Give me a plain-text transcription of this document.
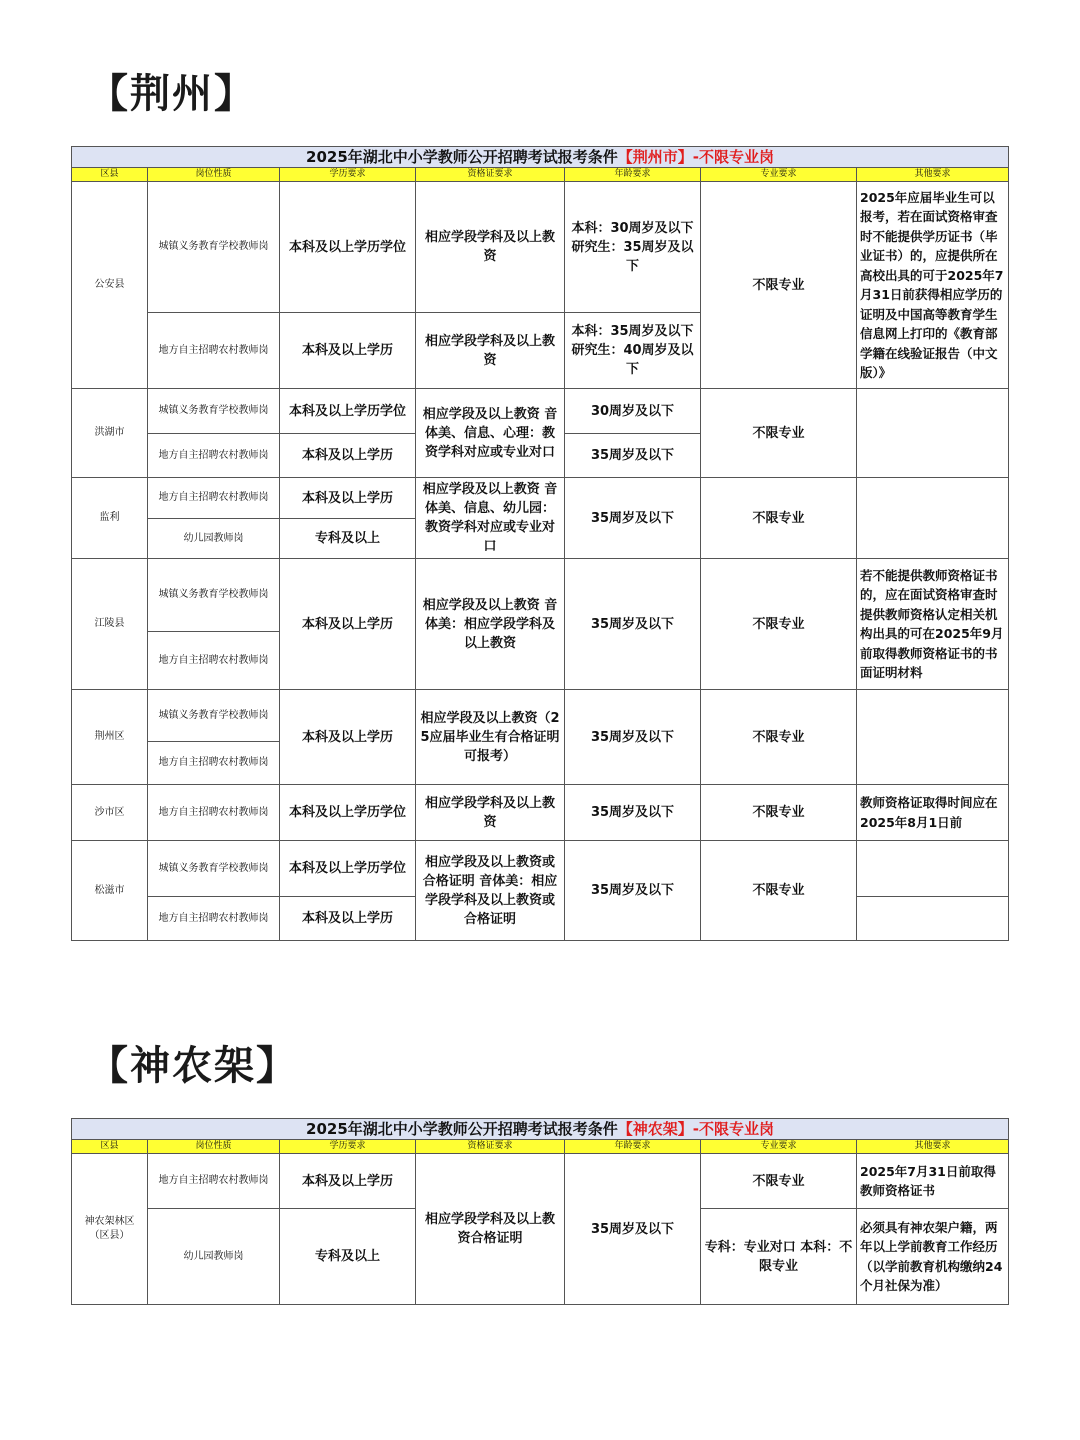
【荆州】
2025年湖北中小学教师公开招聘考试报考条件【荆州市】-不限专业岗						
区县	岗位性质	学历要求	资格证要求	年龄要求	专业要求	其他要求
公安县	城镇义务教育学校教师岗	本科及以上学历学位	相应学段学科及以上教资	本科：30周岁及以下 研究生：35周岁及以下	不限专业	2025年应届毕业生可以报考，若在面试资格审查时不能提供学历证书（毕业证书）的，应提供所在高校出具的可于2025年7月31日前获得相应学历的证明及中国高等教育学生信息网上打印的《教育部学籍在线验证报告（中文版）》
	地方自主招聘农村教师岗	本科及以上学历	相应学段学科及以上教资	本科：35周岁及以下 研究生：40周岁及以下		
洪湖市	城镇义务教育学校教师岗	本科及以上学历学位	相应学段及以上教资 音体美、信息、心理：教资学科对应或专业对口	30周岁及以下	不限专业	
	地方自主招聘农村教师岗	本科及以上学历		35周岁及以下		
监利	地方自主招聘农村教师岗	本科及以上学历	相应学段及以上教资 音体美、信息、幼儿园：教资学科对应或专业对口	35周岁及以下	不限专业	
	幼儿园教师岗	专科及以上				
江陵县	城镇义务教育学校教师岗	本科及以上学历	相应学段及以上教资 音体美：相应学段学科及以上教资	35周岁及以下	不限专业	若不能提供教师资格证书的，应在面试资格审查时提供教师资格认定相关机构出具的可在2025年9月前取得教师资格证书的书面证明材料
	地方自主招聘农村教师岗					
荆州区	城镇义务教育学校教师岗	本科及以上学历	相应学段及以上教资（25应届毕业生有合格证明可报考）	35周岁及以下	不限专业	
	地方自主招聘农村教师岗					
沙市区	地方自主招聘农村教师岗	本科及以上学历学位	相应学段学科及以上教资	35周岁及以下	不限专业	教师资格证取得时间应在2025年8月1日前
松滋市	城镇义务教育学校教师岗	本科及以上学历学位	相应学段及以上教资或合格证明 音体美：相应学段学科及以上教资或合格证明	35周岁及以下	不限专业	
	地方自主招聘农村教师岗	本科及以上学历				
【神农架】
2025年湖北中小学教师公开招聘考试报考条件【神农架】-不限专业岗						
区县	岗位性质	学历要求	资格证要求	年龄要求	专业要求	其他要求
神农架林区（区县）	地方自主招聘农村教师岗	本科及以上学历	相应学段学科及以上教资合格证明	35周岁及以下	不限专业	2025年7月31日前取得教师资格证书
	幼儿园教师岗	专科及以上			专科：专业对口 本科：不限专业	必须具有神农架户籍，两年以上学前教育工作经历（以学前教育机构缴纳24个月社保为准）
